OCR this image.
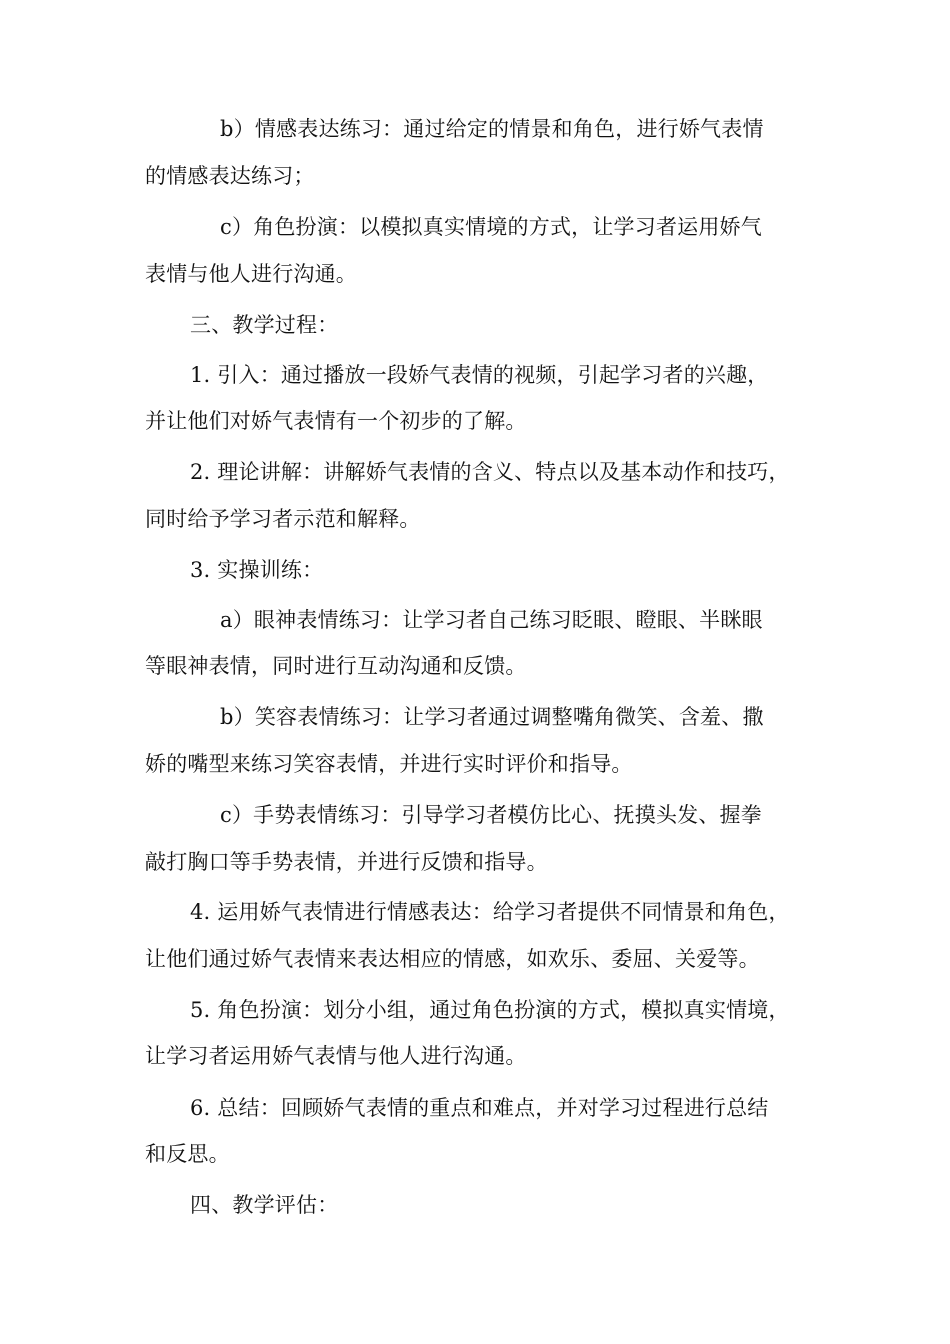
b）情感表达练习：通过给定的情景和角色，进行娇气表情
的情感表达练习；
c）角色扮演：以模拟真实情境的方式，让学习者运用娇气
表情与他人进行沟通。
三、教学过程：
1. 引入：通过播放一段娇气表情的视频，引起学习者的兴趣，
并让他们对娇气表情有一个初步的了解。
2. 理论讲解：讲解娇气表情的含义、特点以及基本动作和技巧，
同时给予学习者示范和解释。
3. 实操训练：
a）眼神表情练习：让学习者自己练习眨眼、瞪眼、半眯眼
等眼神表情，同时进行互动沟通和反馈。
b）笑容表情练习：让学习者通过调整嘴角微笑、含羞、撒
娇的嘴型来练习笑容表情，并进行实时评价和指导。
c）手势表情练习：引导学习者模仿比心、抚摸头发、握拳
敲打胸口等手势表情，并进行反馈和指导。
4. 运用娇气表情进行情感表达：给学习者提供不同情景和角色，
让他们通过娇气表情来表达相应的情感，如欢乐、委屈、关爱等。
5. 角色扮演：划分小组，通过角色扮演的方式，模拟真实情境，
让学习者运用娇气表情与他人进行沟通。
6. 总结：回顾娇气表情的重点和难点，并对学习过程进行总结
和反思。
四、教学评估：
